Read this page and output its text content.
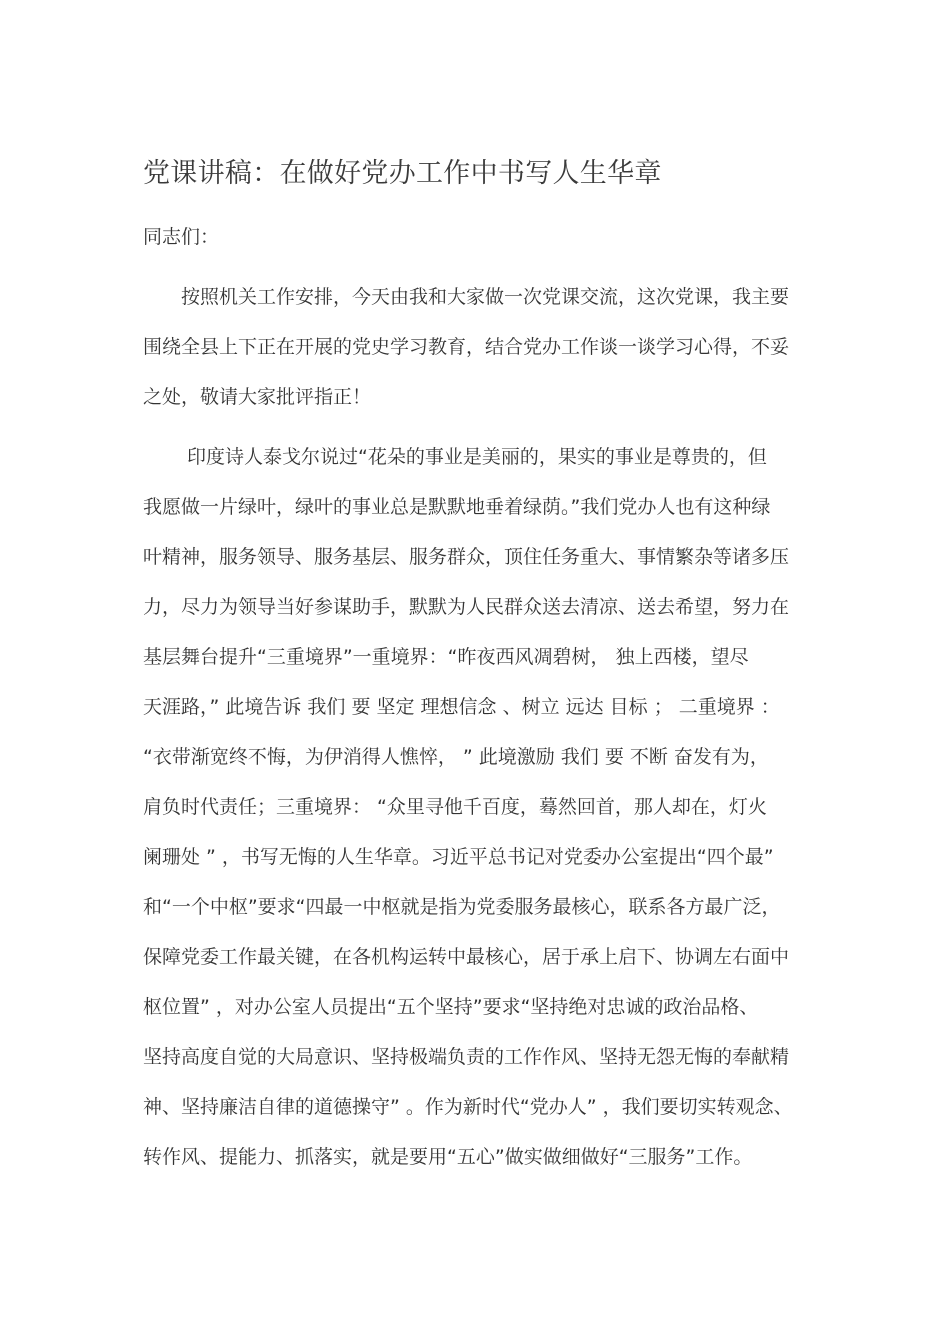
党课讲稿：在做好党办工作中书写人生华章
同志们：
　　按照机关工作安排，今天由我和大家做一次党课交流，这次党课，我主要
围绕全县上下正在开展的党史学习教育，结合党办工作谈一谈学习心得，不妥
之处，敬请大家批评指正！
　　 印度诗人泰戈尔说过“花朵的事业是美丽的，果实的事业是尊贵的，但
我愿做一片绿叶，绿叶的事业总是默默地垂着绿荫。”我们党办人也有这种绿
叶精神，服务领导、服务基层、服务群众，顶住任务重大、事情繁杂等诸多压
力，尽力为领导当好参谋助手，默默为人民群众送去清凉、送去希望，努力在
基层舞台提升“三重境界”一重境界：“昨夜西风凋碧树， 独上西楼，望尽
天涯路，” 此境告诉 我们 要 坚定 理想信念 、树立 远达 目标 ； 二重境界 ：
“衣带渐宽终不悔，为伊消得人憔悴， ” 此境激励 我们 要 不断 奋发有为，
肩负时代责任；三重境界： “众里寻他千百度，蓦然回首，那人却在，灯火
阑珊处 ” ，书写无悔的人生华章。习近平总书记对党委办公室提出“四个最”
和“一个中枢”要求“四最一中枢就是指为党委服务最核心，联系各方最广泛，
保障党委工作最关键，在各机构运转中最核心，居于承上启下、协调左右面中
枢位置” ，对办公室人员提出“五个坚持”要求“坚持绝对忠诚的政治品格、
坚持高度自觉的大局意识、坚持极端负责的工作作风、坚持无怨无悔的奉献精
神、坚持廉洁自律的道德操守” 。作为新时代“党办人” ，我们要切实转观念、
转作风、提能力、抓落实，就是要用“五心”做实做细做好“三服务”工作。
